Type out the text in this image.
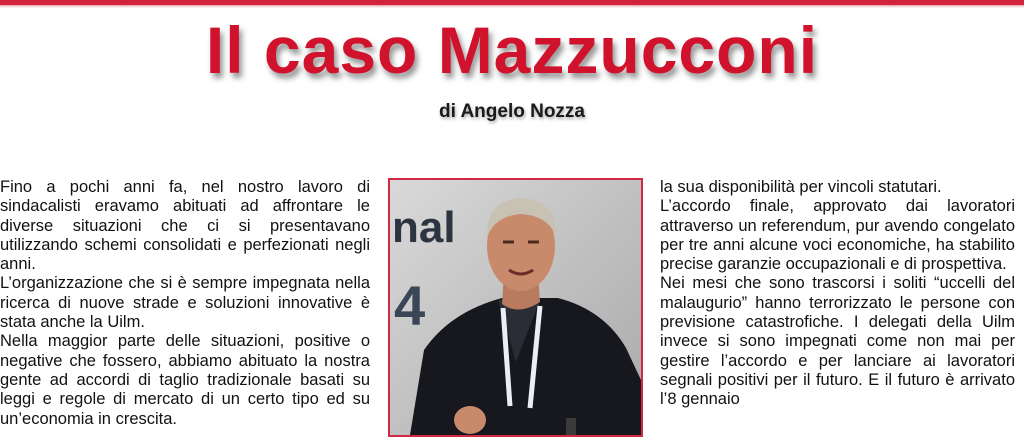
Il caso Mazzucconi
di Angelo Nozza

Fino a pochi anni fa, nel nostro lavoro di sindacalisti eravamo abituati ad affrontare le diverse situazioni che ci si presentavano utilizzando schemi consolidati e perfezionati negli anni.

L’organizzazione che si è sempre impegnata nella ricerca di nuove strade e soluzioni innovative è stata anche la Uilm.

Nella maggior parte delle situazioni, positive o negative che fossero, abbiamo abituato la nostra gente ad accordi di taglio tradizionale basati su leggi e regole di mercato di un certo tipo ed su un’economia in crescita.

nal
4

la sua disponibilità per vincoli statutari.

L’accordo finale, approvato dai lavoratori attraverso un referendum, pur avendo congelato per tre anni alcune voci economiche, ha stabilito precise garanzie occupazionali e di prospettiva.

Nei mesi che sono trascorsi i soliti “uccelli del malaugurio” hanno terrorizzato le persone con previsione catastrofiche. I delegati della Uilm invece si sono impegnati come non mai per gestire l’accordo e per lanciare ai lavoratori segnali positivi per il futuro. E il futuro è arrivato l’8 gennaio
